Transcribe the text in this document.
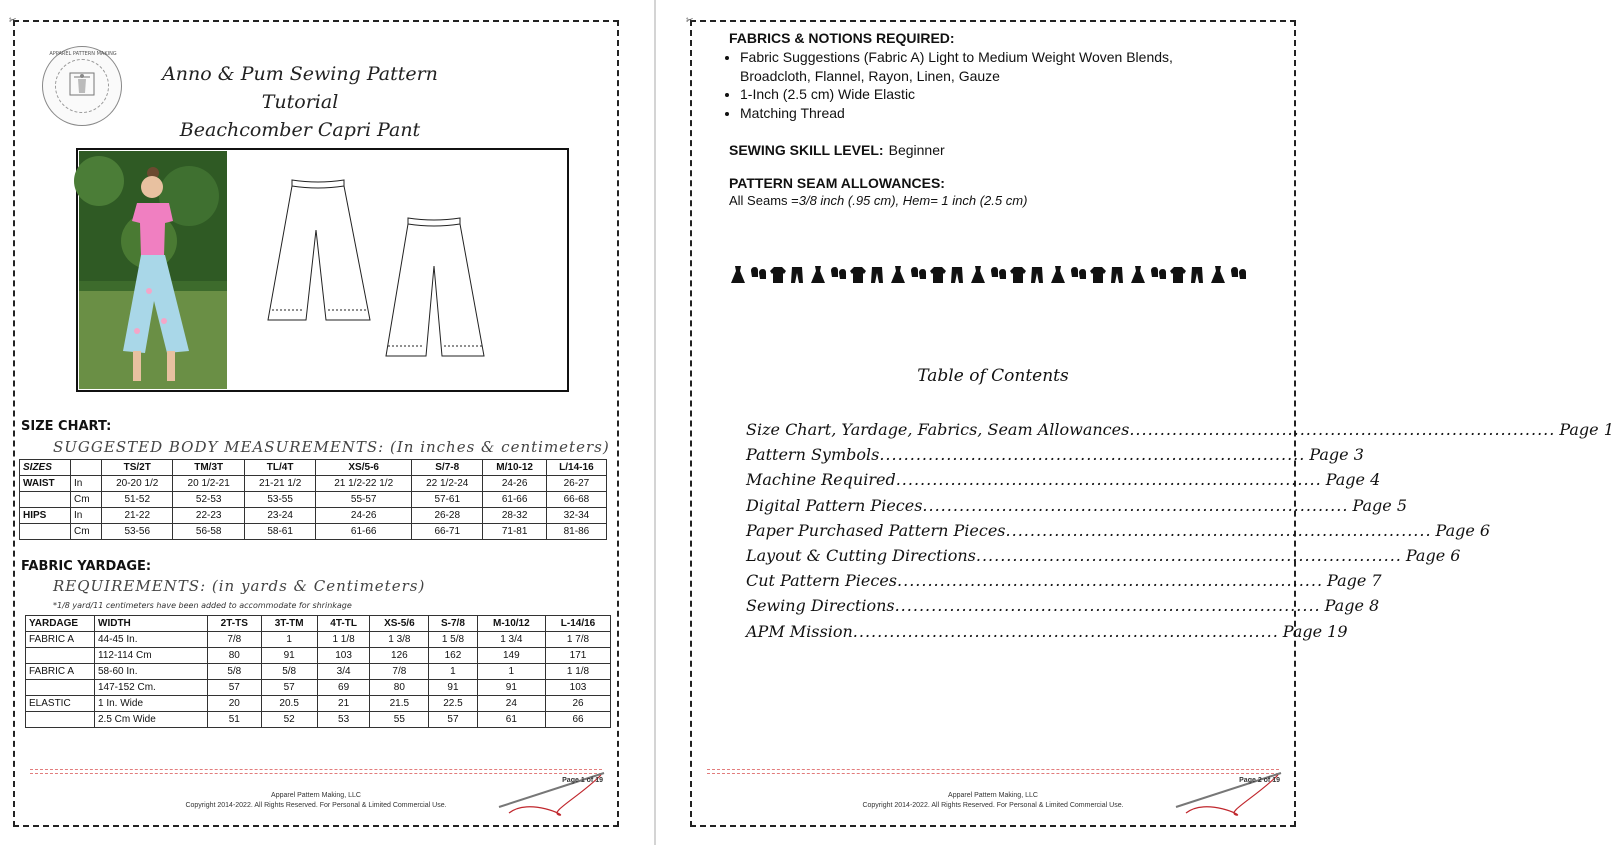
✂
APPAREL PATTERN MAKING
Anno & Pum Sewing Pattern Tutorial
Beachcomber Capri Pant
SIZE CHART:
SUGGESTED BODY MEASUREMENTS: (In inches & centimeters)
SIZES		TS/2T	TM/3T	TL/4T	XS/5-6	S/7-8	M/10-12	L/14-16
WAIST	In	20-20 1/2	20 1/2-21	21-21 1/2	21 1/2-22 1/2	22 1/2-24	24-26	26-27
	Cm	51-52	52-53	53-55	55-57	57-61	61-66	66-68
HIPS	In	21-22	22-23	23-24	24-26	26-28	28-32	32-34
	Cm	53-56	56-58	58-61	61-66	66-71	71-81	81-86
FABRIC YARDAGE:
REQUIREMENTS: (in yards & Centimeters)
*1/8 yard/11 centimeters have been added to accommodate for shrinkage
YARDAGE	WIDTH	2T-TS	3T-TM	4T-TL	XS-5/6	S-7/8	M-10/12	L-14/16
FABRIC A	44-45 In.	7/8	1	1 1/8	1 3/8	1 5/8	1 3/4	1 7/8
	112-114 Cm	80	91	103	126	162	149	171
FABRIC A	58-60 In.	5/8	5/8	3/4	7/8	1	1	1 1/8
	147-152 Cm.	57	57	69	80	91	91	103
ELASTIC	1 In. Wide	20	20.5	21	21.5	22.5	24	26
	2.5 Cm Wide	51	52	53	55	57	61	66
Page 1 of 19
Apparel Pattern Making, LLC
Copyright 2014-2022. All Rights Reserved. For Personal & Limited Commercial Use.
✂
FABRICS & NOTIONS REQUIRED:
• Fabric Suggestions (Fabric A) Light to Medium Weight Woven Blends, Broadcloth, Flannel, Rayon, Linen, Gauze
• 1-Inch (2.5 cm) Wide Elastic
• Matching Thread
SEWING SKILL LEVEL: Beginner
PATTERN SEAM ALLOWANCES:
All Seams =3/8 inch (.95 cm), Hem= 1 inch (2.5 cm)
Table of Contents
Size Chart, Yardage, Fabrics, Seam Allowances ...................................................................... Page 1
Pattern Symbols ...................................................................... Page 3
Machine Required ...................................................................... Page 4
Digital Pattern Pieces ...................................................................... Page 5
Paper Purchased Pattern Pieces ...................................................................... Page 6
Layout & Cutting Directions ...................................................................... Page 6
Cut Pattern Pieces ...................................................................... Page 7
Sewing Directions ...................................................................... Page 8
APM Mission ...................................................................... Page 19
Page 2 of 19
Apparel Pattern Making, LLC
Copyright 2014-2022. All Rights Reserved. For Personal & Limited Commercial Use.
